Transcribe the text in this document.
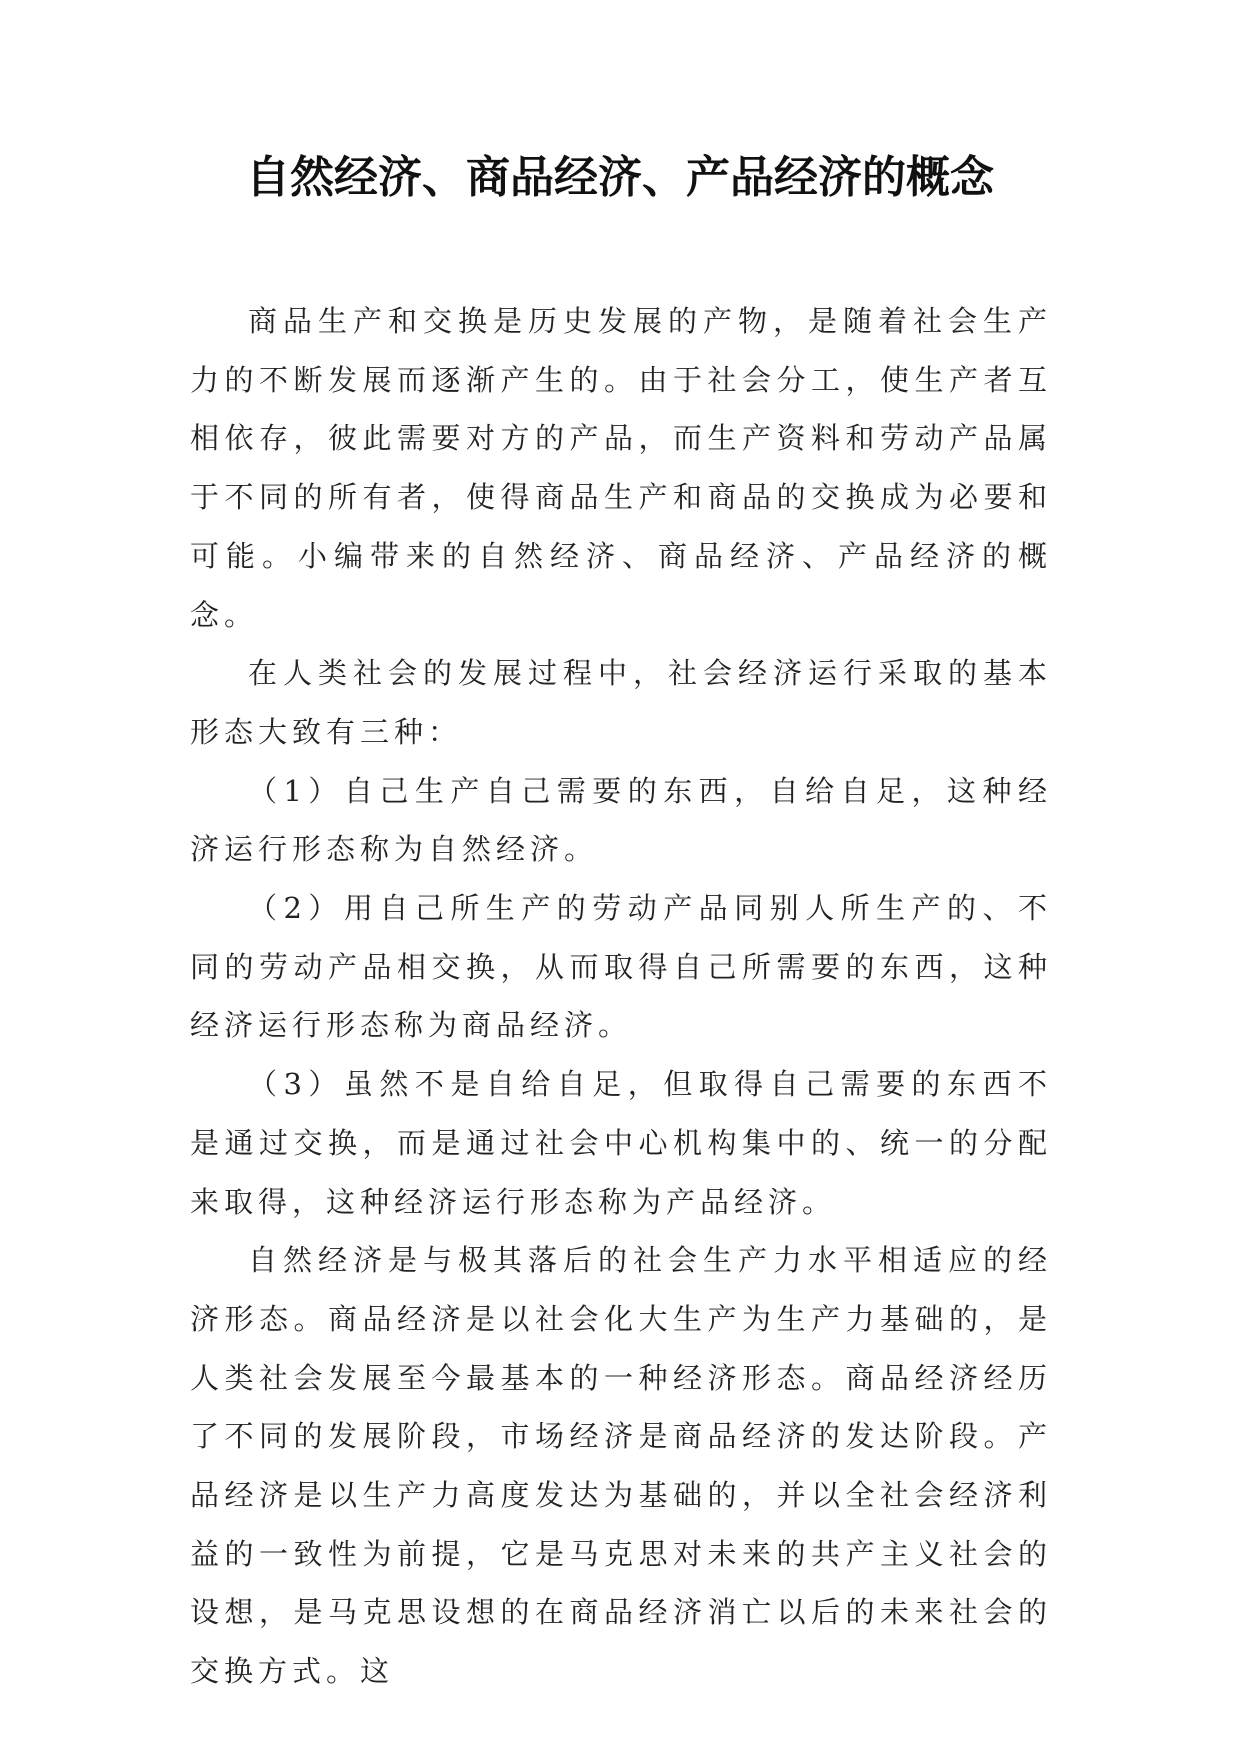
自然经济、商品经济、产品经济的概念

商品生产和交换是历史发展的产物，是随着社会生产力的不断发展而逐渐产生的。由于社会分工，使生产者互相依存，彼此需要对方的产品，而生产资料和劳动产品属于不同的所有者，使得商品生产和商品的交换成为必要和可能。小编带来的自然经济、商品经济、产品经济的概念。

在人类社会的发展过程中，社会经济运行采取的基本形态大致有三种：

（1）自己生产自己需要的东西，自给自足，这种经济运行形态称为自然经济。

（2）用自己所生产的劳动产品同别人所生产的、不同的劳动产品相交换，从而取得自己所需要的东西，这种经济运行形态称为商品经济。

（3）虽然不是自给自足，但取得自己需要的东西不是通过交换，而是通过社会中心机构集中的、统一的分配来取得，这种经济运行形态称为产品经济。

自然经济是与极其落后的社会生产力水平相适应的经济形态。商品经济是以社会化大生产为生产力基础的，是人类社会发展至今最基本的一种经济形态。商品经济经历了不同的发展阶段，市场经济是商品经济的发达阶段。产品经济是以生产力高度发达为基础的，并以全社会经济利益的一致性为前提，它是马克思对未来的共产主义社会的设想，是马克思设想的在商品经济消亡以后的未来社会的交换方式。这
